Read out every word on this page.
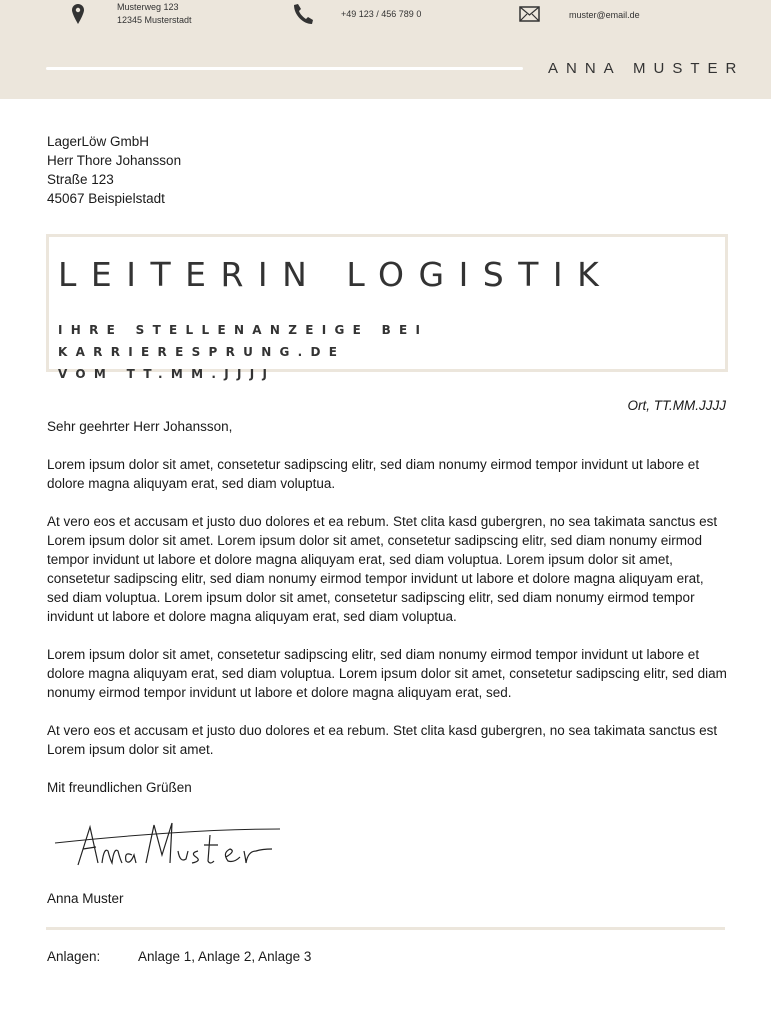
Musterweg 123
12345 Musterstadt
+49 123 / 456 789 0	muster@email.de
ANNA MUSTER
LagerLöw GmbH
Herr Thore Johansson
Straße 123
45067 Beispielstadt
LEITERIN LOGISTIK
IHRE STELLENANZEIGE BEI KARRIERESPRUNG.DE
VOM TT.MM.JJJJ
Ort, TT.MM.JJJJ

Sehr geehrter Herr Johansson,

Lorem ipsum dolor sit amet, consetetur sadipscing elitr, sed diam nonumy eirmod tempor invidunt ut labore et dolore magna aliquyam erat, sed diam voluptua.

At vero eos et accusam et justo duo dolores et ea rebum. Stet clita kasd gubergren, no sea takimata sanctus est Lorem ipsum dolor sit amet. Lorem ipsum dolor sit amet, consetetur sadipscing elitr, sed diam nonumy eirmod tempor invidunt ut labore et dolore magna aliquyam erat, sed diam voluptua. Lorem ipsum dolor sit amet, consetetur sadipscing elitr, sed diam nonumy eirmod tempor invidunt ut labore et dolore magna aliquyam erat, sed diam voluptua. Lorem ipsum dolor sit amet, consetetur sadipscing elitr, sed diam nonumy eirmod tempor invidunt ut labore et dolore magna aliquyam erat, sed diam voluptua.

Lorem ipsum dolor sit amet, consetetur sadipscing elitr, sed diam nonumy eirmod tempor invidunt ut labore et dolore magna aliquyam erat, sed diam voluptua. Lorem ipsum dolor sit amet, consetetur sadipscing elitr, sed diam nonumy eirmod tempor invidunt ut labore et dolore magna aliquyam erat, sed.

At vero eos et accusam et justo duo dolores et ea rebum. Stet clita kasd gubergren, no sea takimata sanctus est Lorem ipsum dolor sit amet.

Mit freundlichen Grüßen

Anna Muster
Anlagen:	Anlage 1, Anlage 2, Anlage 3
